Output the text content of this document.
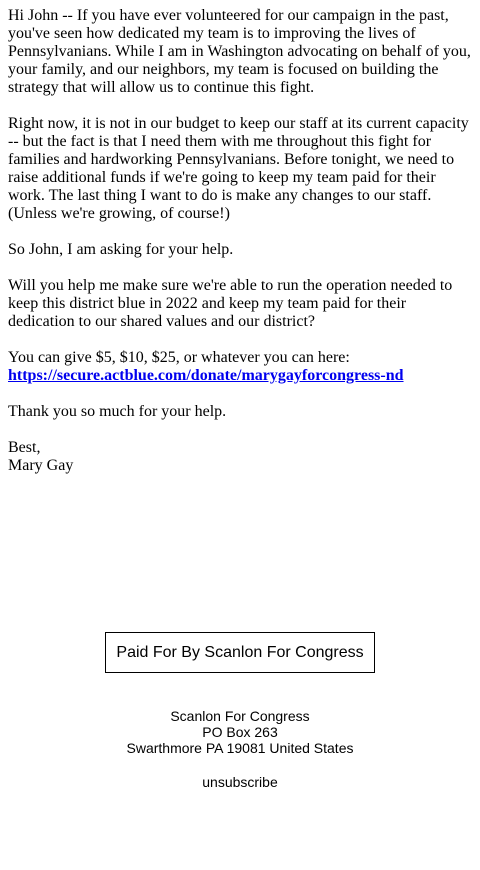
Hi John -- If you have ever volunteered for our campaign in the past, you've seen how dedicated my team is to improving the lives of Pennsylvanians. While I am in Washington advocating on behalf of you, your family, and our neighbors, my team is focused on building the strategy that will allow us to continue this fight.

Right now, it is not in our budget to keep our staff at its current capacity -- but the fact is that I need them with me throughout this fight for families and hardworking Pennsylvanians. Before tonight, we need to raise additional funds if we're going to keep my team paid for their work. The last thing I want to do is make any changes to our staff. (Unless we're growing, of course!)

So John, I am asking for your help.

Will you help me make sure we're able to run the operation needed to keep this district blue in 2022 and keep my team paid for their dedication to our shared values and our district?

You can give $5, $10, $25, or whatever you can here:
https://secure.actblue.com/donate/marygayforcongress-nd

Thank you so much for your help.

Best,
Mary Gay

Paid For By Scanlon For Congress
Scanlon For Congress
PO Box 263
Swarthmore PA 19081 United States
unsubscribe
